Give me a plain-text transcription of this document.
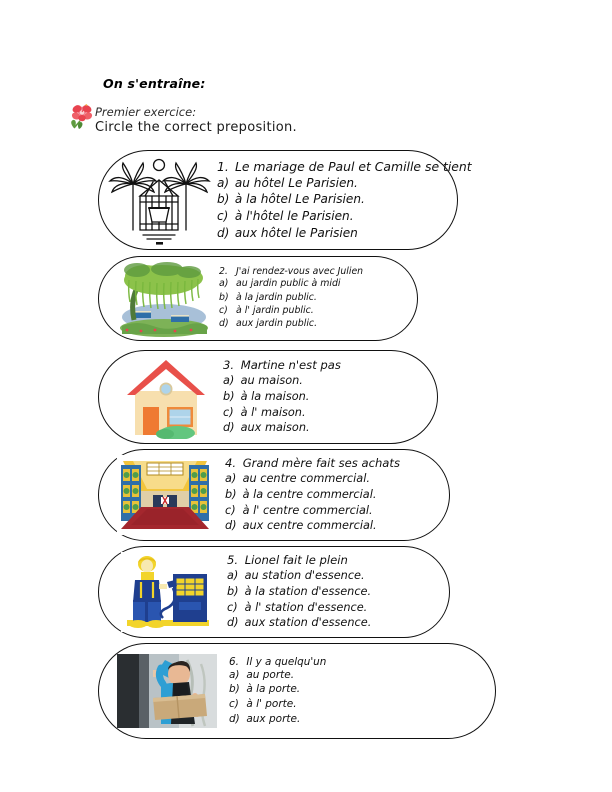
On s'entraîne:
Premier exercice:
Circle the correct preposition.
1. Le mariage de Paul et Camille se tient
a) au hôtel Le Parisien.
b) à la hôtel Le Parisien.
c) à l'hôtel le Parisien.
d) aux hôtel le Parisien
2. J'ai rendez-vous avec Julien
a) au jardin public à midi
b) à la jardin public.
c) à l' jardin public.
d) aux jardin public.
3. Martine n'est pas
a) au maison.
b) à la maison.
c) à l' maison.
d) aux maison.
4. Grand mère fait ses achats
a) au centre commercial.
b) à la centre commercial.
c) à l' centre commercial.
d) aux centre commercial.
5. Lionel fait le plein
a) au station d'essence.
b) à la station d'essence.
c) à l' station d'essence.
d) aux station d'essence.
6. Il y a quelqu'un
a) au porte.
b) à la porte.
c) à l' porte.
d) aux porte.
